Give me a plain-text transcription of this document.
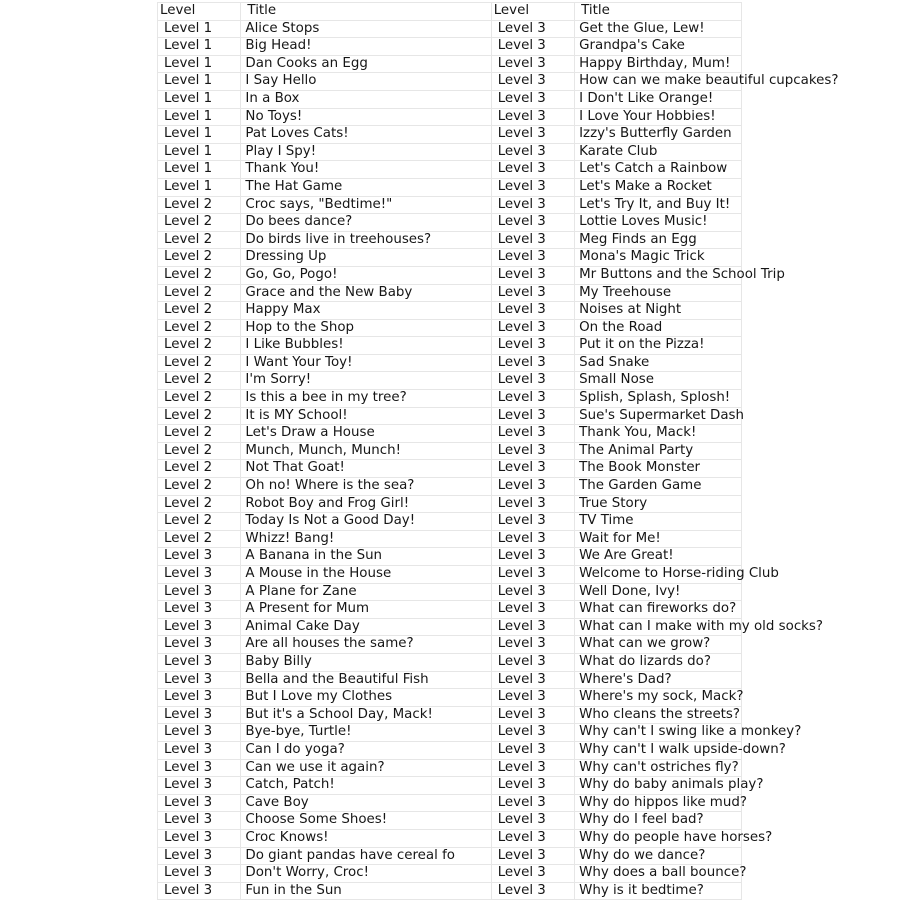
Level	Title	Level	Title
Level 1	Alice Stops	Level 3	Get the Glue, Lew!
Level 1	Big Head!	Level 3	Grandpa's Cake
Level 1	Dan Cooks an Egg	Level 3	Happy Birthday, Mum!
Level 1	I Say Hello	Level 3	How can we make beautiful cupcakes?
Level 1	In a Box	Level 3	I Don't Like Orange!
Level 1	No Toys!	Level 3	I Love Your Hobbies!
Level 1	Pat Loves Cats!	Level 3	Izzy's Butterfly Garden
Level 1	Play I Spy!	Level 3	Karate Club
Level 1	Thank You!	Level 3	Let's Catch a Rainbow
Level 1	The Hat Game	Level 3	Let's Make a Rocket
Level 2	Croc says, "Bedtime!"	Level 3	Let's Try It, and Buy It!
Level 2	Do bees dance?	Level 3	Lottie Loves Music!
Level 2	Do birds live in treehouses?	Level 3	Meg Finds an Egg
Level 2	Dressing Up	Level 3	Mona's Magic Trick
Level 2	Go, Go, Pogo!	Level 3	Mr Buttons and the School Trip
Level 2	Grace and the New Baby	Level 3	My Treehouse
Level 2	Happy Max	Level 3	Noises at Night
Level 2	Hop to the Shop	Level 3	On the Road
Level 2	I Like Bubbles!	Level 3	Put it on the Pizza!
Level 2	I Want Your Toy!	Level 3	Sad Snake
Level 2	I'm Sorry!	Level 3	Small Nose
Level 2	Is this a bee in my tree?	Level 3	Splish, Splash, Splosh!
Level 2	It is MY School!	Level 3	Sue's Supermarket Dash
Level 2	Let's Draw a House	Level 3	Thank You, Mack!
Level 2	Munch, Munch, Munch!	Level 3	The Animal Party
Level 2	Not That Goat!	Level 3	The Book Monster
Level 2	Oh no! Where is the sea?	Level 3	The Garden Game
Level 2	Robot Boy and Frog Girl!	Level 3	True Story
Level 2	Today Is Not a Good Day!	Level 3	TV Time
Level 2	Whizz! Bang!	Level 3	Wait for Me!
Level 3	A Banana in the Sun	Level 3	We Are Great!
Level 3	A Mouse in the House	Level 3	Welcome to Horse-riding Club
Level 3	A Plane for Zane	Level 3	Well Done, Ivy!
Level 3	A Present for Mum	Level 3	What can fireworks do?
Level 3	Animal Cake Day	Level 3	What can I make with my old socks?
Level 3	Are all houses the same?	Level 3	What can we grow?
Level 3	Baby Billy	Level 3	What do lizards do?
Level 3	Bella and the Beautiful Fish	Level 3	Where's Dad?
Level 3	But I Love my Clothes	Level 3	Where's my sock, Mack?
Level 3	But it's a School Day, Mack!	Level 3	Who cleans the streets?
Level 3	Bye-bye, Turtle!	Level 3	Why can't I swing like a monkey?
Level 3	Can I do yoga?	Level 3	Why can't I walk upside-down?
Level 3	Can we use it again?	Level 3	Why can't ostriches fly?
Level 3	Catch, Patch!	Level 3	Why do baby animals play?
Level 3	Cave Boy	Level 3	Why do hippos like mud?
Level 3	Choose Some Shoes!	Level 3	Why do I feel bad?
Level 3	Croc Knows!	Level 3	Why do people have horses?
Level 3	Do giant pandas have cereal fo	Level 3	Why do we dance?
Level 3	Don't Worry, Croc!	Level 3	Why does a ball bounce?
Level 3	Fun in the Sun	Level 3	Why is it bedtime?
